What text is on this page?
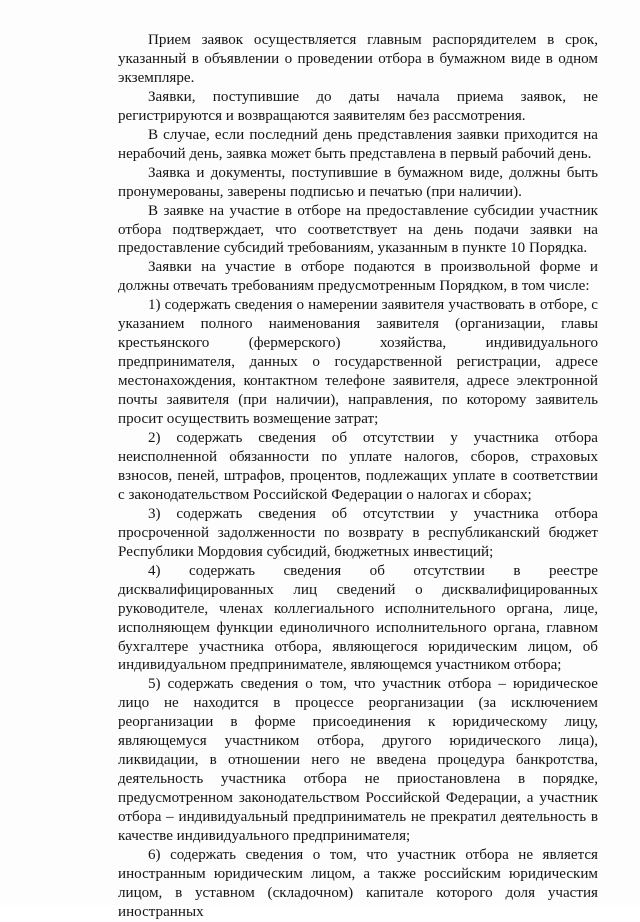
Прием заявок осуществляется главным распорядителем в срок, указанный в объявлении о проведении отбора в бумажном виде в одном экземпляре.

Заявки, поступившие до даты начала приема заявок, не регистрируются и возвращаются заявителям без рассмотрения.

В случае, если последний день представления заявки приходится на нерабочий день, заявка может быть представлена в первый рабочий день.

Заявка и документы, поступившие в бумажном виде, должны быть пронумерованы, заверены подписью и печатью (при наличии).

В заявке на участие в отборе на предоставление субсидии участник отбора подтверждает, что соответствует на день подачи заявки на предоставление субсидий требованиям, указанным в пункте 10 Порядка.

Заявки на участие в отборе подаются в произвольной форме и должны отвечать требованиям предусмотренным Порядком, в том числе:

1) содержать сведения о намерении заявителя участвовать в отборе, с указанием полного наименования заявителя (организации, главы крестьянского (фермерского) хозяйства, индивидуального предпринимателя, данных о государственной регистрации, адресе местонахождения, контактном телефоне заявителя, адресе электронной почты заявителя (при наличии), направления, по которому заявитель просит осуществить возмещение затрат;

2) содержать сведения об отсутствии у участника отбора неисполненной обязанности по уплате налогов, сборов, страховых взносов, пеней, штрафов, процентов, подлежащих уплате в соответствии с законодательством Российской Федерации о налогах и сборах;

3) содержать сведения об отсутствии у участника отбора просроченной задолженности по возврату в республиканский бюджет Республики Мордовия субсидий, бюджетных инвестиций;

4) содержать сведения об отсутствии в реестре дисквалифицированных лиц сведений о дисквалифицированных руководителе, членах коллегиального исполнительного органа, лице, исполняющем функции единоличного исполнительного органа, главном бухгалтере участника отбора, являющегося юридическим лицом, об индивидуальном предпринимателе, являющемся участником отбора;

5) содержать сведения о том, что участник отбора – юридическое лицо не находится в процессе реорганизации (за исключением реорганизации в форме присоединения к юридическому лицу, являющемуся участником отбора, другого юридического лица), ликвидации, в отношении него не введена процедура банкротства, деятельность участника отбора не приостановлена в порядке, предусмотренном законодательством Российской Федерации, а участник отбора – индивидуальный предприниматель не прекратил деятельность в качестве индивидуального предпринимателя;

6) содержать сведения о том, что участник отбора не является иностранным юридическим лицом, а также российским юридическим лицом, в уставном (складочном) капитале которого доля участия иностранных
